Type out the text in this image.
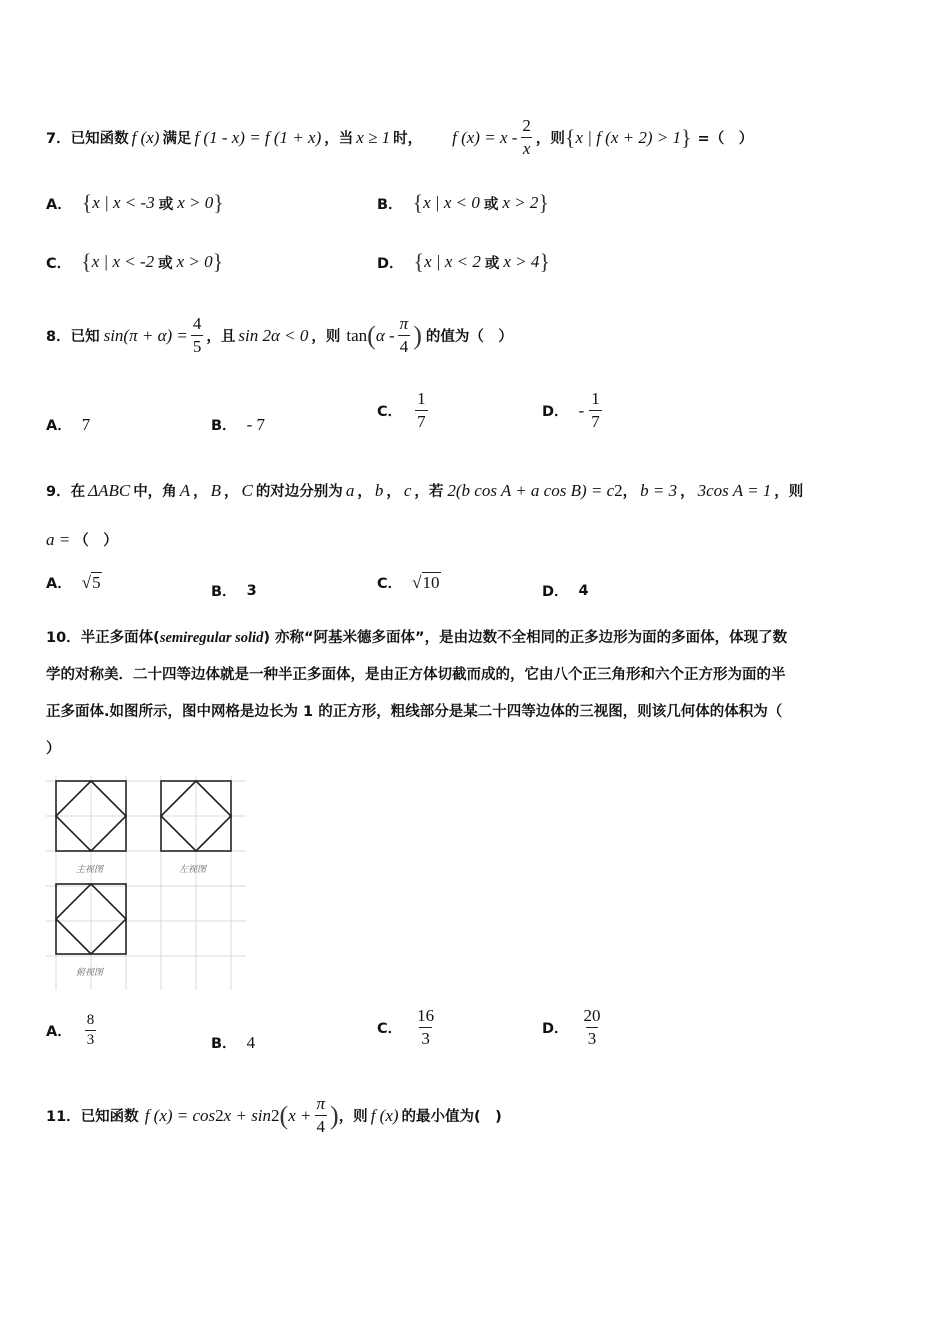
7． 已知函数 f (x) 满足 f (1 - x) = f (1 + x) ，当 x ≥ 1 时， f $(x) = x - \frac{2}{x}$ ，则 { x | f (x + 2) > 1 } =（　）
A． { x | x < -3 或 x > 0 }	B． { x | x < 0 或 x > 2 }
C． { x | x < -2 或 x > 0 }	D． { x | x < 2 或 x > 4 }
8． 已知 $\sin(\pi + \alpha) = \frac{4}{5}$ ，且 sin 2α < 0 ，则 tan ( α - $\frac{\pi}{4}$ ) 的值为（　）
A． 7	B． - 7
C． $\frac{1}{7}$	D． - $\frac{1}{7}$
9． 在 ΔABC 中，角 A ， B ， C 的对边分别为 a ， b ， c ，若 2(b cos A + a cos B) = c 2 ， b = 3 ， 3cos A = 1 ，则
a = （　）
A． √5
B． 3	C． √10
D． 4
10．半正多面体(semiregular solid) 亦称“阿基米德多面体”，是由边数不全相同的正多边形为面的多面体，体现了数
学的对称美．二十四等边体就是一种半正多面体，是由正方体切截而成的，它由八个正三角形和六个正方形为面的半
正多面体.如图所示，图中网格是边长为 1 的正方形，粗线部分是某二十四等边体的三视图，则该几何体的体积为（
）
主视图	左视图
俯视图
A． $\frac{8}{3}$	B． 4
C． $\frac{16}{3}$	D． $\frac{20}{3}$
11． 已知函数 f (x) = cos 2 x + sin 2 ( $x + \frac{\pi}{4}$ ) ，则 f (x) 的最小值为(　)
